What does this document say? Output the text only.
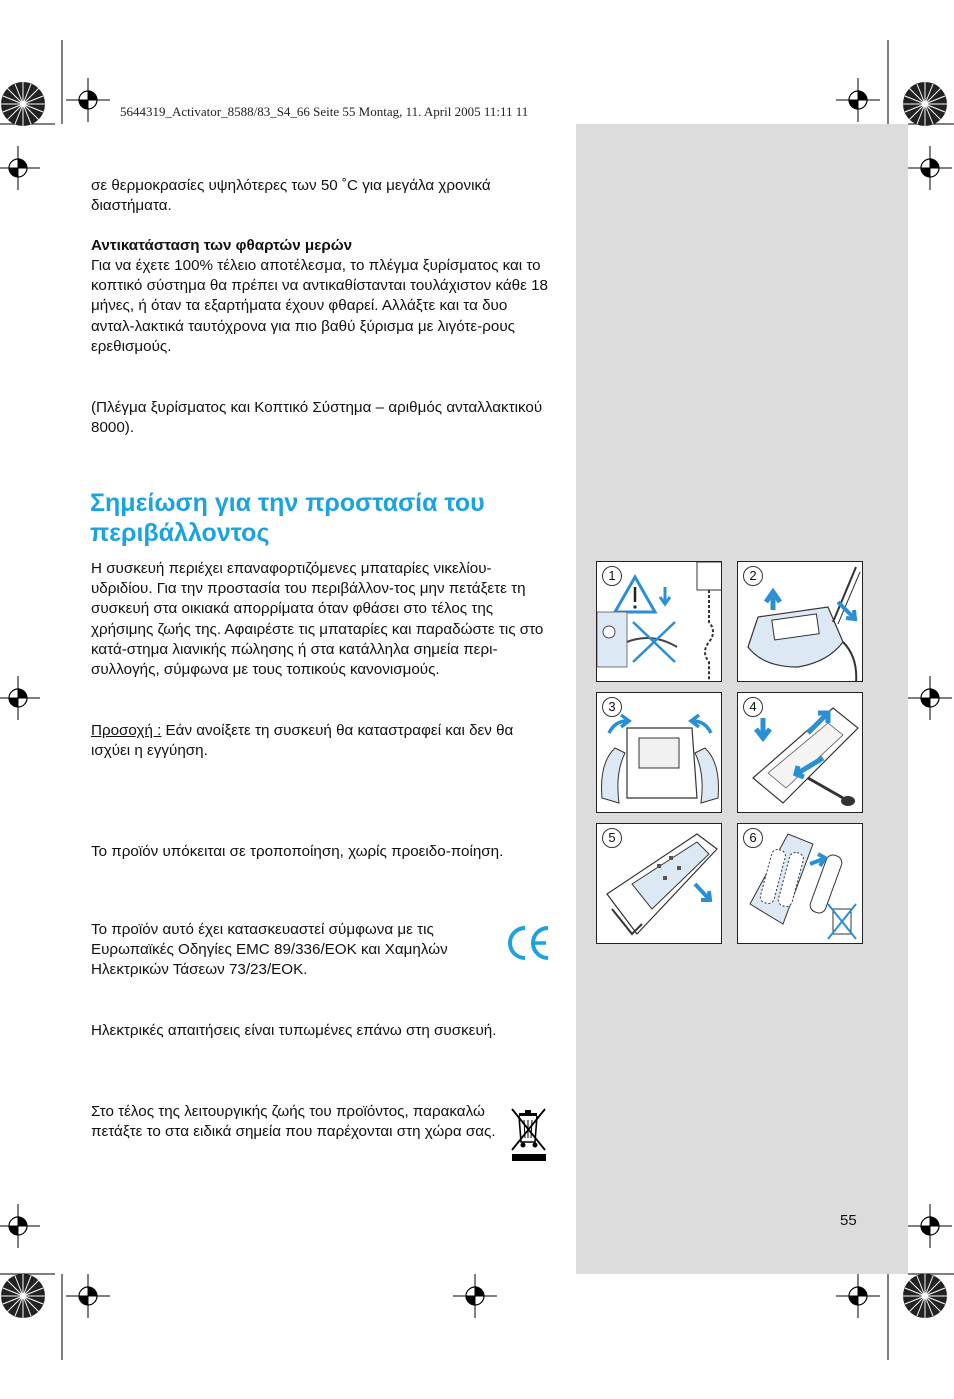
5644319_Activator_8588/83_S4_66 Seite 55 Montag, 11. April 2005 11:11 11

σε θερμοκρασίες υψηλότερες των 50 ˚C για μεγάλα χρονικά διαστήματα.

Αντικατάσταση των φθαρτών μερών

Για να έχετε 100% τέλειο αποτέλεσμα, το πλέγμα ξυρίσματος και το κοπτικό σύστημα θα πρέπει να αντικαθίστανται τουλάχιστον κάθε 18 μήνες, ή όταν τα εξαρτήματα έχουν φθαρεί. Αλλάξτε και τα δυο ανταλ-λακτικά ταυτόχρονα για πιο βαθύ ξύρισμα με λιγότε-ρους ερεθισμούς.

(Πλέγμα ξυρίσματος και Κοπτικό Σύστημα – αριθμός ανταλλακτικού 8000).

Σημείωση για την προστασία του περιβάλλοντος

Η συσκευή περιέχει επαναφορτιζόμενες μπαταρίες νικελίου-υδριδίου. Για την προστασία του περιβάλλον-τος μην πετάξετε τη συσκευή στα οικιακά απορρίματα όταν φθάσει στο τέλος της χρήσιμης ζωής της. Αφαιρέστε τις μπαταρίες και παραδώστε τις στο κατά-στημα λιανικής πώλησης ή στα κατάλληλα σημεία περι-συλλογής, σύμφωνα με τους τοπικούς κανονισμούς.

Προσοχή : Εάν ανοίξετε τη συσκευή θα καταστραφεί και δεν θα ισχύει η εγγύηση.

Το προϊόν υπόκειται σε τροποποίηση, χωρίς προειδο-ποίηση.

Το προϊόν αυτό έχει κατασκευαστεί σύμφωνα με τις Ευρωπαϊκές Οδηγίες EMC 89/336/EOK και Χαμηλών Ηλεκτρικών Τάσεων 73/23/EOK.

Ηλεκτρικές απαιτήσεις είναι τυπωμένες επάνω στη συσκευή.

Στο τέλος της λειτουργικής ζωής του προϊόντος, παρακαλώ πετάξτε το στα ειδικά σημεία που παρέχονται στη χώρα σας.

1	2
3	4
5	6
55
